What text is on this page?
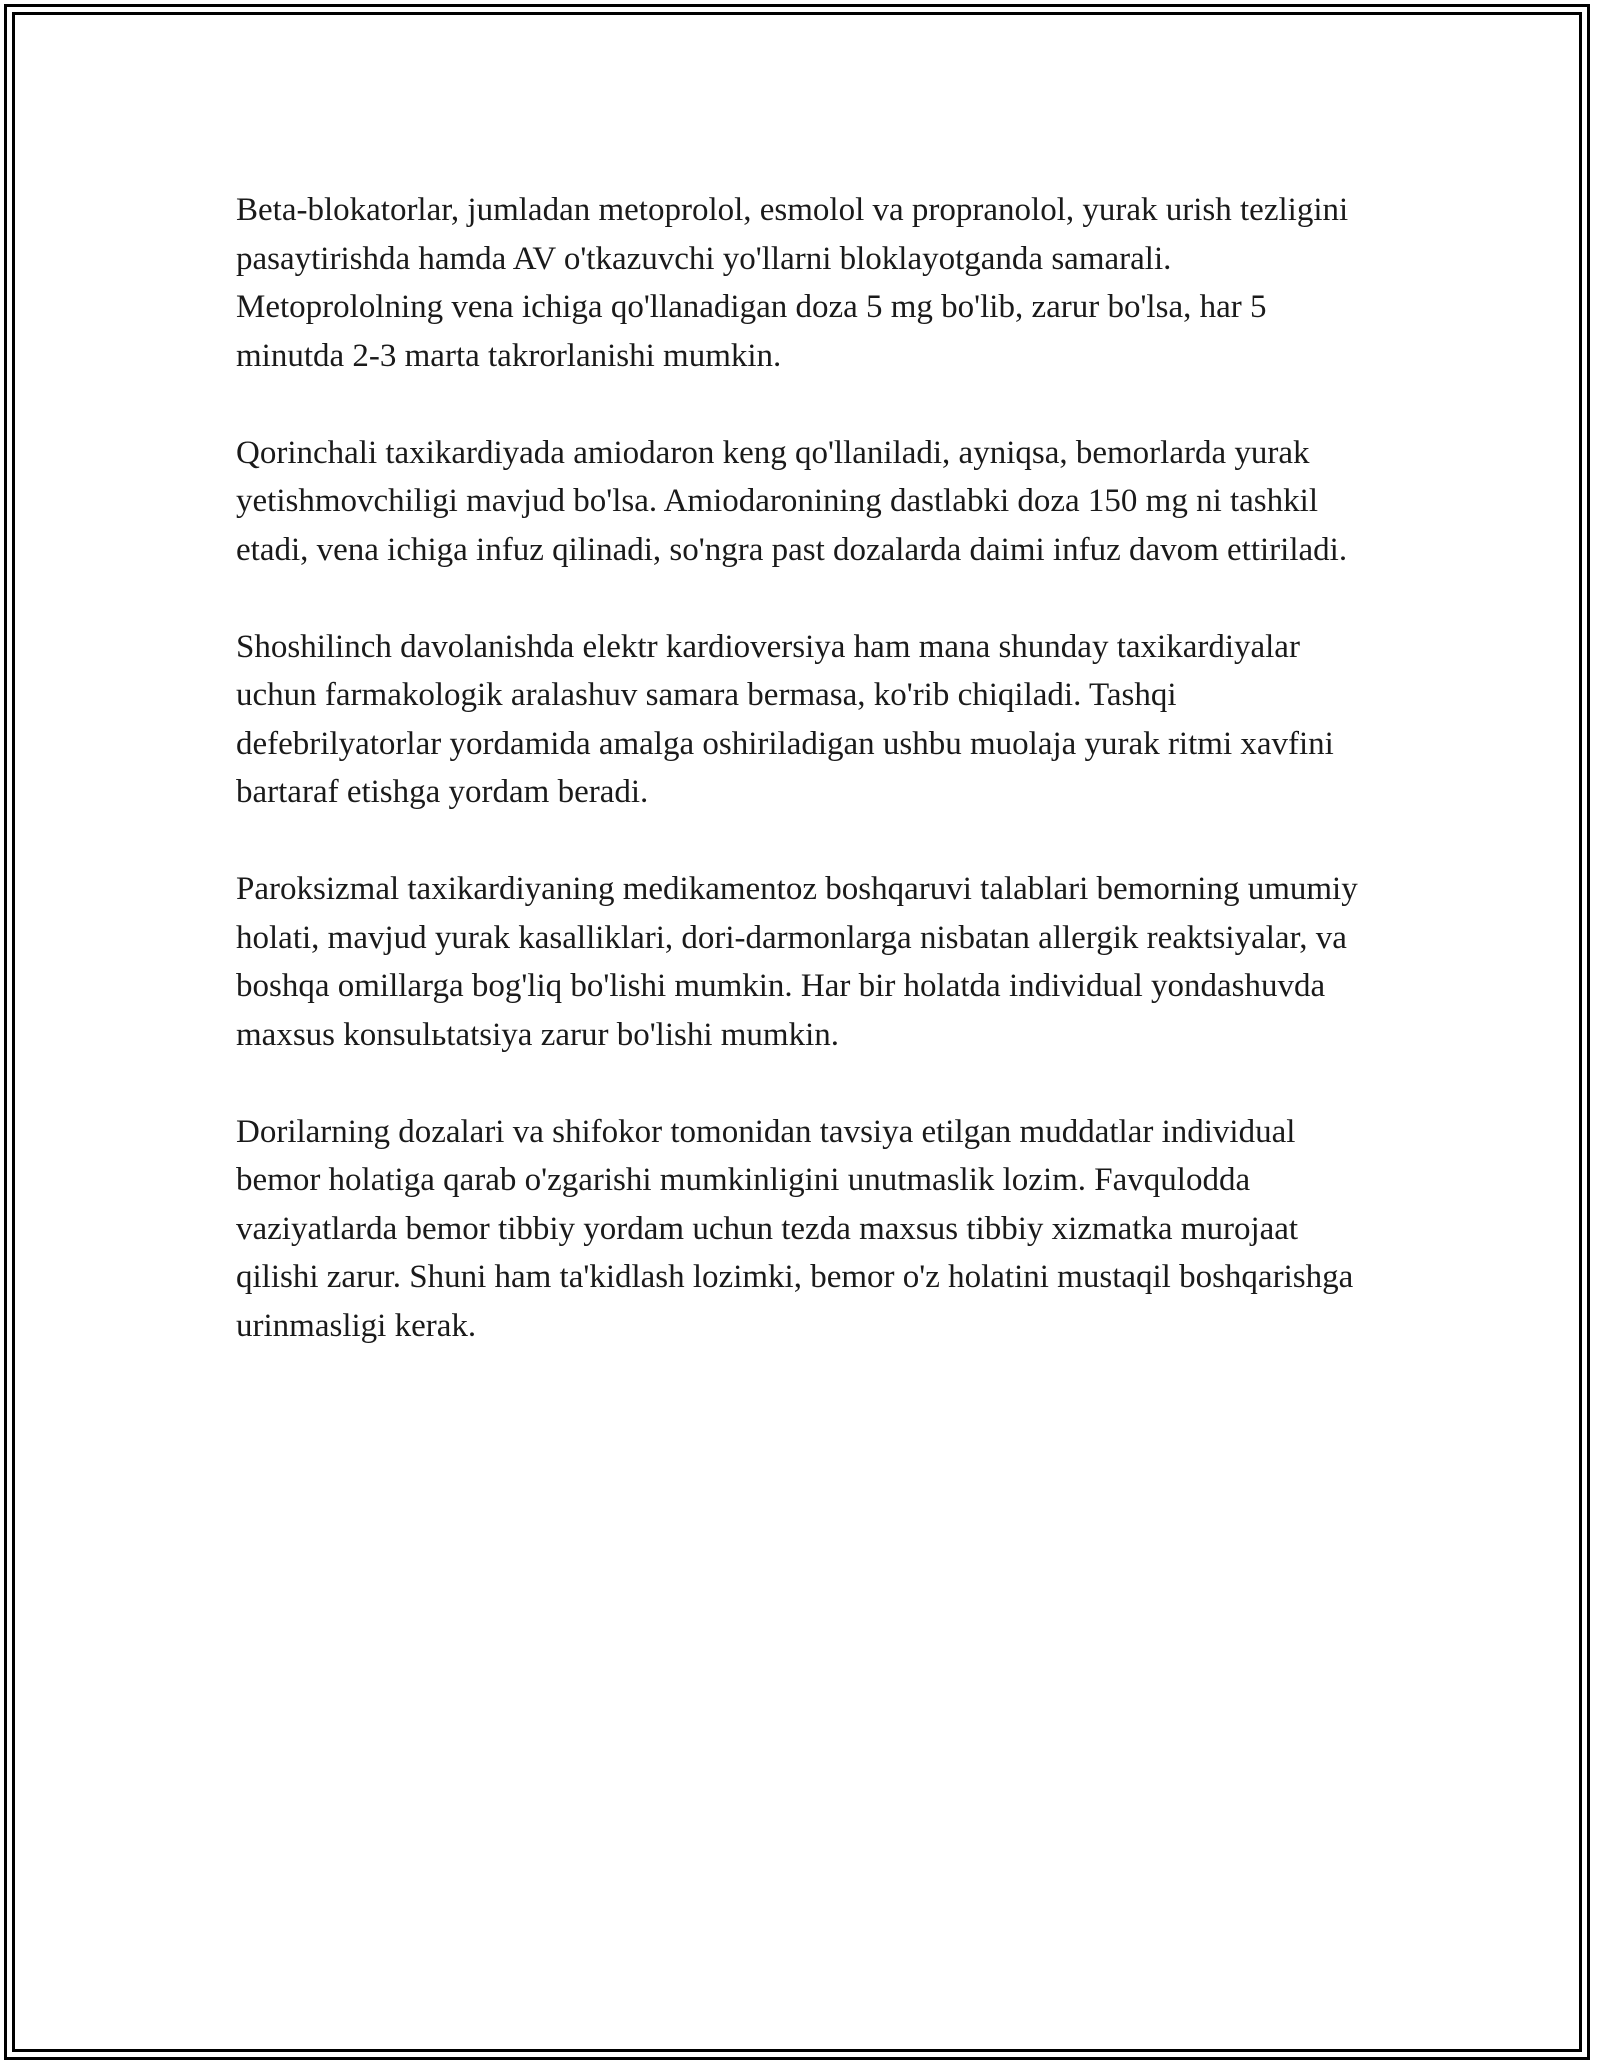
Beta-blokatorlar, jumladan metoprolol, esmolol va propranolol, yurak urish tezligini pasaytirishda hamda AV o'tkazuvchi yo'llarni bloklayotganda samarali. Metoprololning vena ichiga qo'llanadigan doza 5 mg bo'lib, zarur bo'lsa, har 5 minutda 2-3 marta takrorlanishi mumkin.

Qorinchali taxikardiyada amiodaron keng qo'llaniladi, ayniqsa, bemorlarda yurak yetishmovchiligi mavjud bo'lsa. Amiodaronining dastlabki doza 150 mg ni tashkil etadi, vena ichiga infuz qilinadi, so'ngra past dozalarda daimi infuz davom ettiriladi.

Shoshilinch davolanishda elektr kardioversiya ham mana shunday taxikardiyalar uchun farmakologik aralashuv samara bermasa, ko'rib chiqiladi. Tashqi defebrilyatorlar yordamida amalga oshiriladigan ushbu muolaja yurak ritmi xavfini bartaraf etishga yordam beradi.

Paroksizmal taxikardiyaning medikamentoz boshqaruvi talablari bemorning umumiy holati, mavjud yurak kasalliklari, dori-darmonlarga nisbatan allergik reaktsiyalar, va boshqa omillarga bog'liq bo'lishi mumkin. Har bir holatda individual yondashuvda maxsus konsulьtatsiya zarur bo'lishi mumkin.

Dorilarning dozalari va shifokor tomonidan tavsiya etilgan muddatlar individual bemor holatiga qarab o'zgarishi mumkinligini unutmaslik lozim. Favqulodda vaziyatlarda bemor tibbiy yordam uchun tezda maxsus tibbiy xizmatka murojaat qilishi zarur. Shuni ham ta'kidlash lozimki, bemor o'z holatini mustaqil boshqarishga urinmasligi kerak.
